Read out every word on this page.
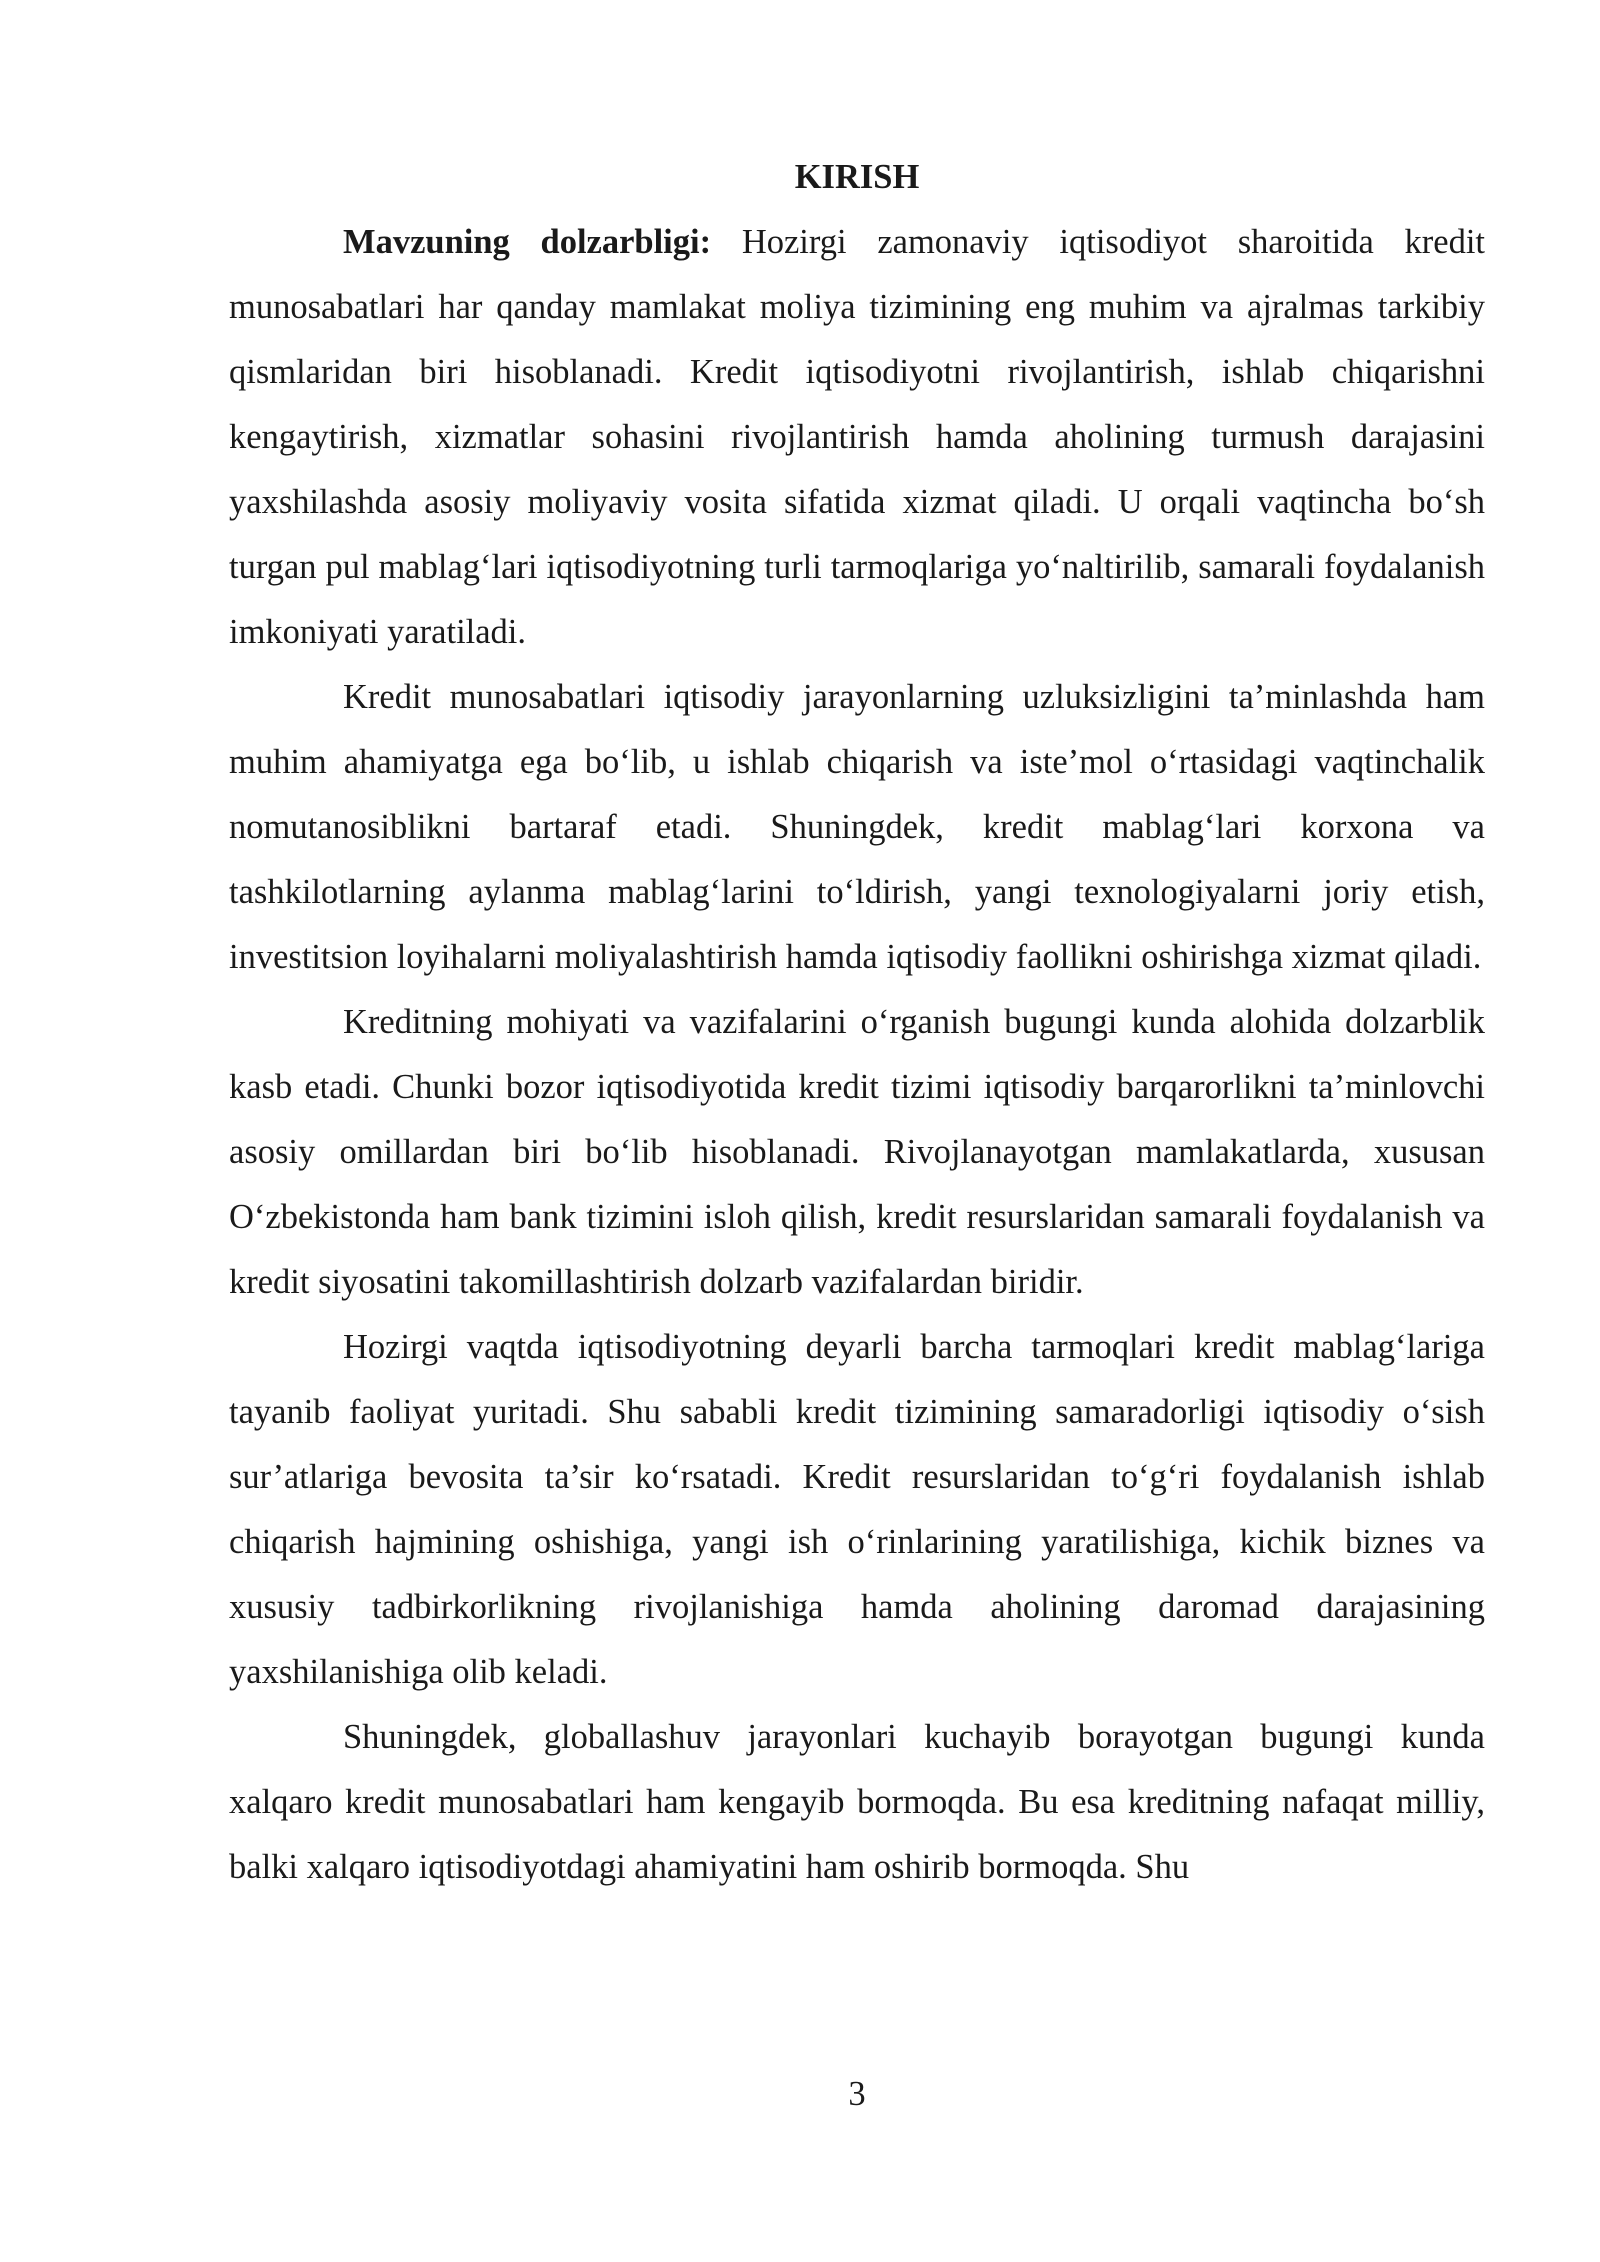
KIRISH

Mavzuning dolzarbligi: Hozirgi zamonaviy iqtisodiyot sharoitida kredit munosabatlari har qanday mamlakat moliya tizimining eng muhim va ajralmas tarkibiy qismlaridan biri hisoblanadi. Kredit iqtisodiyotni rivojlantirish, ishlab chiqarishni kengaytirish, xizmatlar sohasini rivojlantirish hamda aholining turmush darajasini yaxshilashda asosiy moliyaviy vosita sifatida xizmat qiladi. U orqali vaqtincha bo‘sh turgan pul mablag‘lari iqtisodiyotning turli tarmoqlariga yo‘naltirilib, samarali foydalanish imkoniyati yaratiladi.

Kredit munosabatlari iqtisodiy jarayonlarning uzluksizligini ta’minlashda ham muhim ahamiyatga ega bo‘lib, u ishlab chiqarish va iste’mol o‘rtasidagi vaqtinchalik nomutanosiblikni bartaraf etadi. Shuningdek, kredit mablag‘lari korxona va tashkilotlarning aylanma mablag‘larini to‘ldirish, yangi texnologiyalarni joriy etish, investitsion loyihalarni moliyalashtirish hamda iqtisodiy faollikni oshirishga xizmat qiladi.

Kreditning mohiyati va vazifalarini o‘rganish bugungi kunda alohida dolzarblik kasb etadi. Chunki bozor iqtisodiyotida kredit tizimi iqtisodiy barqarorlikni ta’minlovchi asosiy omillardan biri bo‘lib hisoblanadi. Rivojlanayotgan mamlakatlarda, xususan O‘zbekistonda ham bank tizimini isloh qilish, kredit resurslaridan samarali foydalanish va kredit siyosatini takomillashtirish dolzarb vazifalardan biridir.

Hozirgi vaqtda iqtisodiyotning deyarli barcha tarmoqlari kredit mablag‘lariga tayanib faoliyat yuritadi. Shu sababli kredit tizimining samaradorligi iqtisodiy o‘sish sur’atlariga bevosita ta’sir ko‘rsatadi. Kredit resurslaridan to‘g‘ri foydalanish ishlab chiqarish hajmining oshishiga, yangi ish o‘rinlarining yaratilishiga, kichik biznes va xususiy tadbirkorlikning rivojlanishiga hamda aholining daromad darajasining yaxshilanishiga olib keladi.

Shuningdek, globallashuv jarayonlari kuchayib borayotgan bugungi kunda xalqaro kredit munosabatlari ham kengayib bormoqda. Bu esa kreditning nafaqat milliy, balki xalqaro iqtisodiyotdagi ahamiyatini ham oshirib bormoqda. Shu

3
